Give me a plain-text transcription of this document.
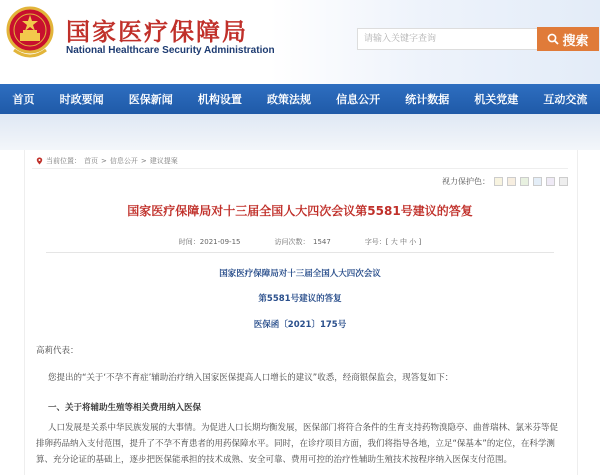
国家医疗保障局
National Healthcare Security Administration
请输入关键字查询
搜索
首页	时政要闻	医保新闻	机构设置	政策法规	信息公开	统计数据	机关党建	互动交流
当前位置： 首页 > 信息公开 > 建议提案
视力保护色：
国家医疗保障局对十三届全国人大四次会议第5581号建议的答复
时间：2021-09-15	访问次数：　1547	字号：[ 大 中 小 ]
国家医疗保障局对十三届全国人大四次会议
第5581号建议的答复
医保函〔2021〕175号
高莉代表：
您提出的“关于‘不孕不育症’辅助治疗纳入国家医保提高人口增长的建议”收悉，经商银保监会，现答复如下：
一、关于将辅助生殖等相关费用纳入医保
人口发展是关系中华民族发展的大事情。为促进人口长期均衡发展，医保部门将符合条件的生育支持药物溴隐亭、曲普瑞林、氯米芬等促排卵药品纳入支付范围，提升了不孕不育患者的用药保障水平。同时，在诊疗项目方面，我们将指导各地，立足“保基本”的定位，在科学测算、充分论证的基础上，逐步把医保能承担的技术成熟、安全可靠、费用可控的治疗性辅助生殖技术按程序纳入医保支付范围。
